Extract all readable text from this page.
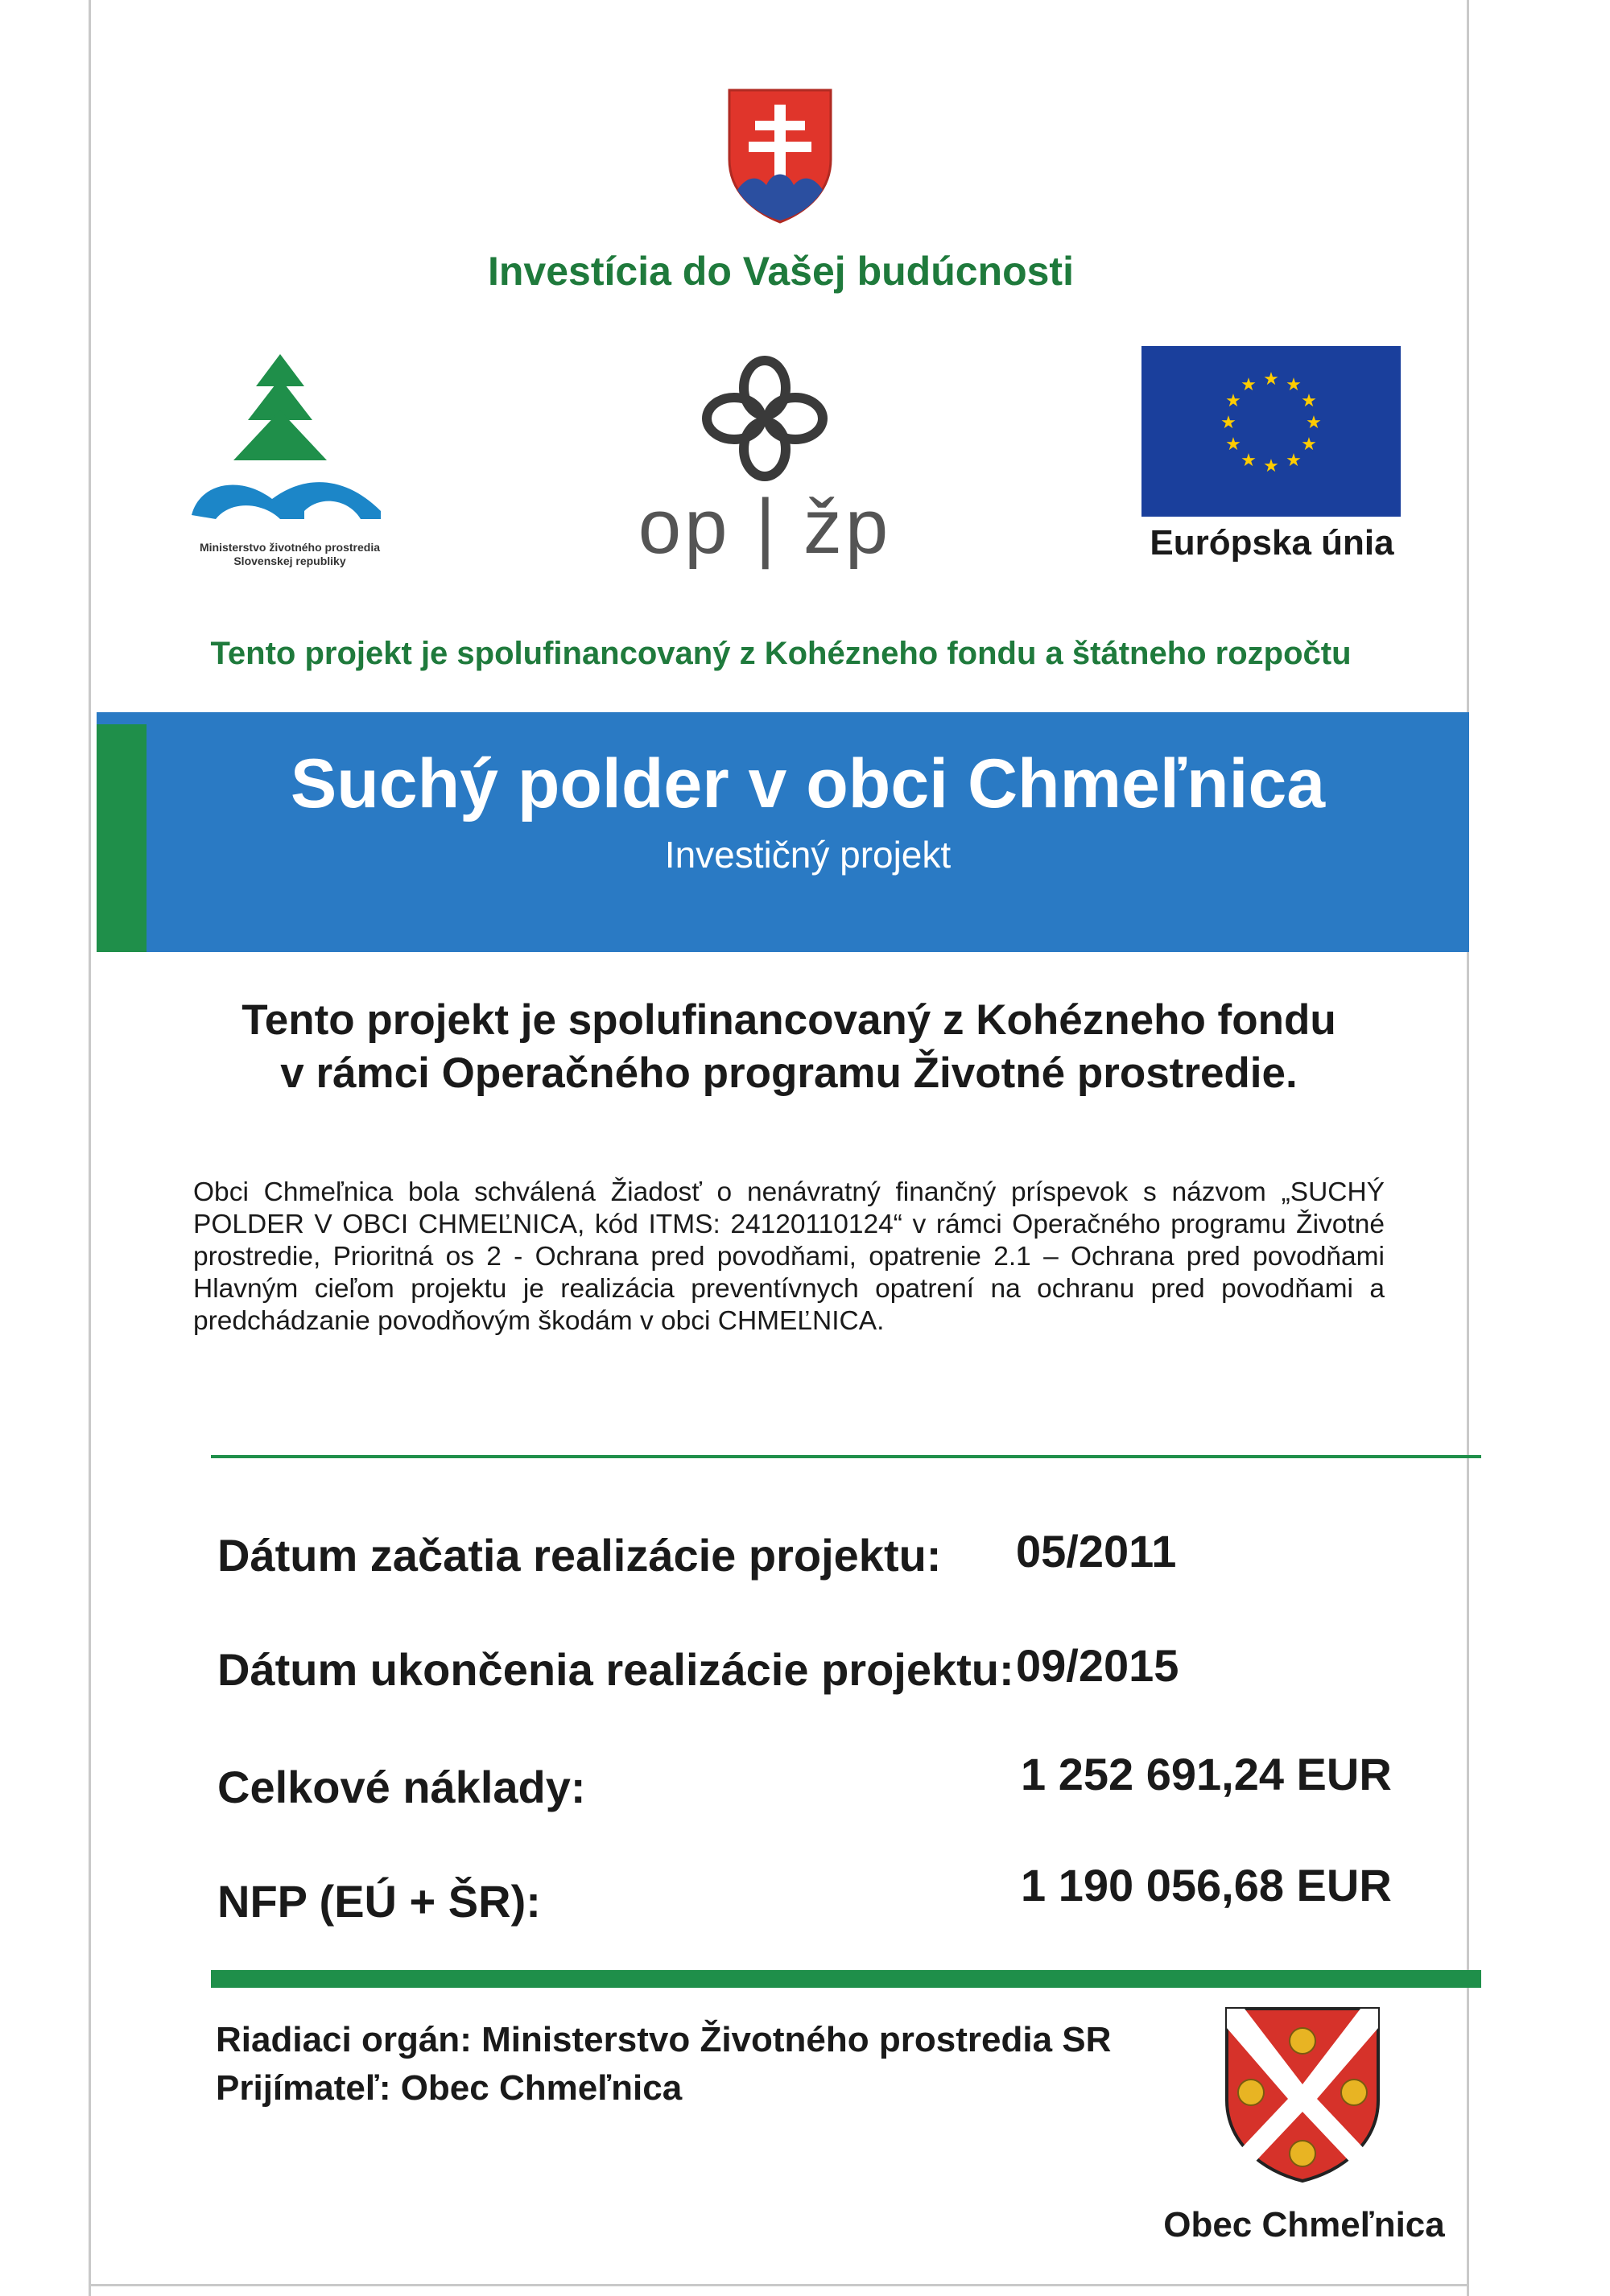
Investícia do Vašej budúcnosti
Ministerstvo životného prostredia
Slovenskej republiky	op | žp
★ ★
★
★
★
★
★
★
★
★
★
★
Európska únia
Tento projekt je spolufinancovaný z Kohézneho fondu a štátneho rozpočtu
Suchý polder v obci Chmeľnica
Investičný projekt
Tento projekt je spolufinancovaný z Kohézneho fondu
v rámci Operačného programu Životné prostredie.
Obci Chmeľnica bola schválená Žiadosť o nenávratný finančný príspevok s názvom „SUCHÝ POLDER V OBCI CHMEĽNICA, kód ITMS: 24120110124“ v rámci Operačného programu Životné prostredie, Prioritná os 2 - Ochrana pred povodňami, opatrenie 2.1 – Ochrana pred povodňami Hlavným cieľom projektu je realizácia preventívnych opatrení na ochranu pred povodňami a predchádzanie povodňovým škodám v obci CHMEĽNICA.
Dátum začatia realizácie projektu: 05/2011
Dátum ukončenia realizácie projektu: 09/2015
Celkové náklady:	1 252 691,24 EUR
NFP (EÚ + ŠR):	1 190 056,68 EUR
Riadiaci orgán: Ministerstvo Životného prostredia SR
Prijímateľ: Obec Chmeľnica
Obec Chmeľnica
